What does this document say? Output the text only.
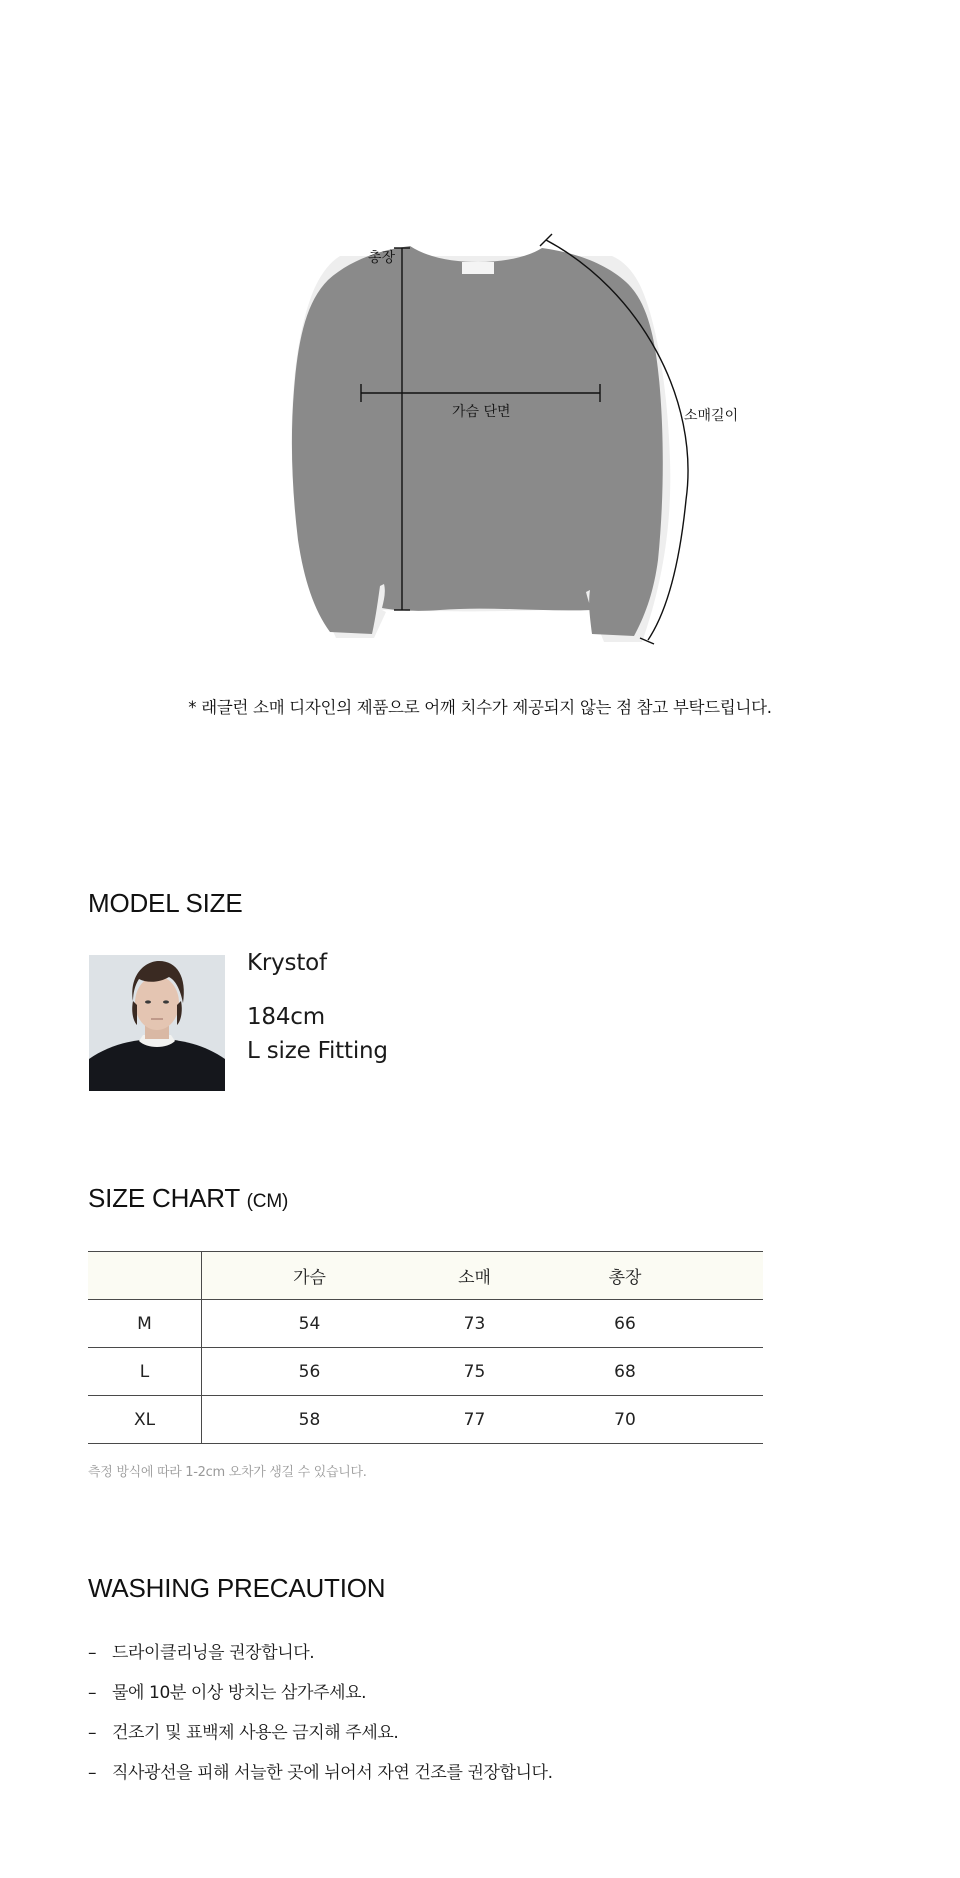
총장
가슴 단면	소매길이
* 래글런 소매 디자인의 제품으로 어깨 치수가 제공되지 않는 점 참고 부탁드립니다.
MODEL SIZE
Krystof
184cm
L size Fitting
SIZE CHART (CM)
	가슴	소매	총장	
M	54	73	66	
L	56	75	68	
XL	58	77	70	
측정 방식에 따라 1-2cm 오차가 생길 수 있습니다.
WASHING PRECAUTION
– 드라이클리닝을 권장합니다.
– 물에 10분 이상 방치는 삼가주세요.
– 건조기 및 표백제 사용은 금지해 주세요.
– 직사광선을 피해 서늘한 곳에 뉘어서 자연 건조를 권장합니다.
